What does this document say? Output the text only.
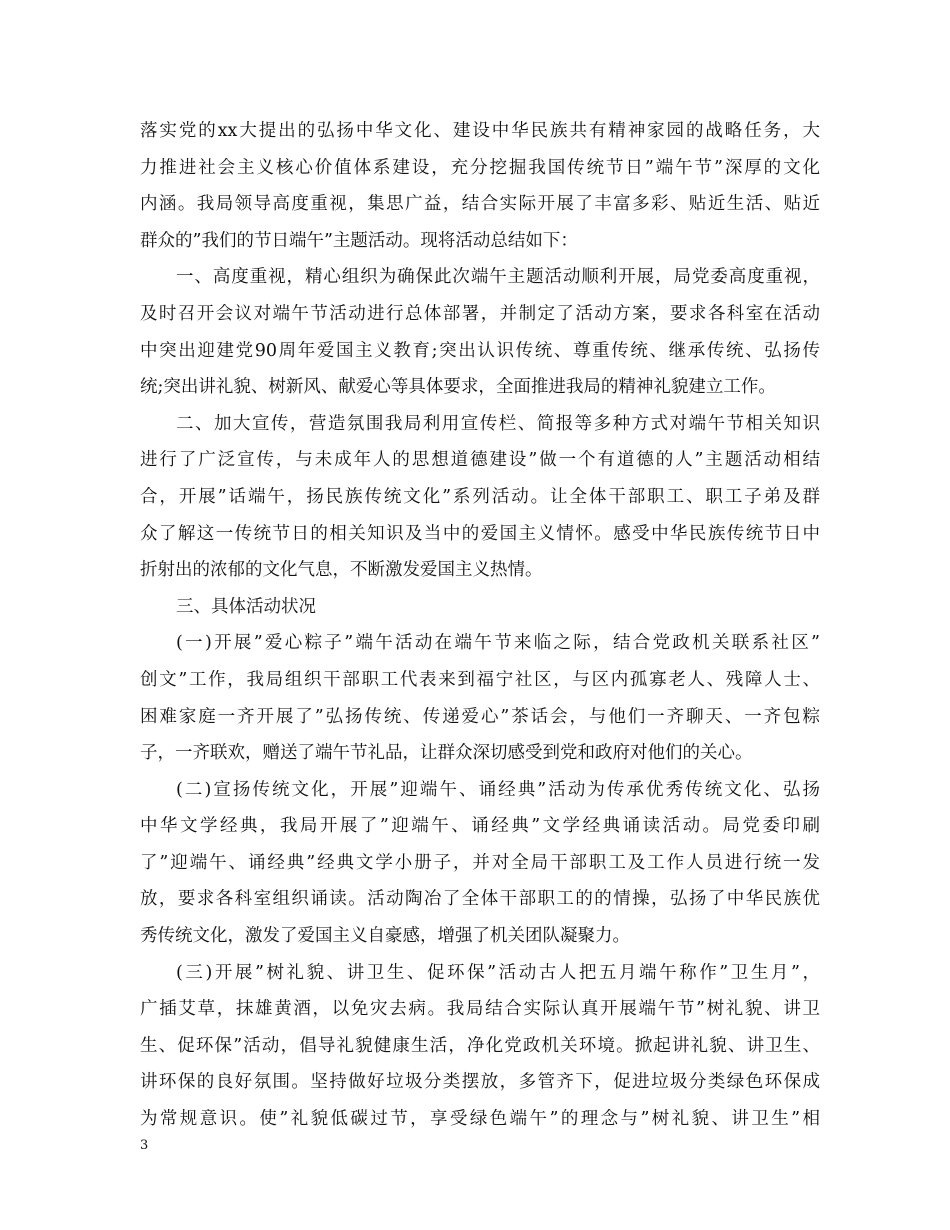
落实党的xx大提出的弘扬中华文化、建设中华民族共有精神家园的战略任务，大
力推进社会主义核心价值体系建设，充分挖掘我国传统节日”端午节”深厚的文化
内涵。我局领导高度重视，集思广益，结合实际开展了丰富多彩、贴近生活、贴近
群众的”我们的节日端午”主题活动。现将活动总结如下：
一、高度重视，精心组织为确保此次端午主题活动顺利开展，局党委高度重视，
及时召开会议对端午节活动进行总体部署，并制定了活动方案，要求各科室在活动
中突出迎建党90周年爱国主义教育;突出认识传统、尊重传统、继承传统、弘扬传
统;突出讲礼貌、树新风、献爱心等具体要求，全面推进我局的精神礼貌建立工作。
二、加大宣传，营造氛围我局利用宣传栏、简报等多种方式对端午节相关知识
进行了广泛宣传，与未成年人的思想道德建设”做一个有道德的人”主题活动相结
合，开展”话端午，扬民族传统文化”系列活动。让全体干部职工、职工子弟及群
众了解这一传统节日的相关知识及当中的爱国主义情怀。感受中华民族传统节日中
折射出的浓郁的文化气息，不断激发爱国主义热情。
三、具体活动状况
(一)开展”爱心粽子”端午活动在端午节来临之际，结合党政机关联系社区”
创文”工作，我局组织干部职工代表来到福宁社区，与区内孤寡老人、残障人士、
困难家庭一齐开展了”弘扬传统、传递爱心”茶话会，与他们一齐聊天、一齐包粽
子，一齐联欢，赠送了端午节礼品，让群众深切感受到党和政府对他们的关心。
(二)宣扬传统文化，开展”迎端午、诵经典”活动为传承优秀传统文化、弘扬
中华文学经典，我局开展了”迎端午、诵经典”文学经典诵读活动。局党委印刷
了”迎端午、诵经典”经典文学小册子，并对全局干部职工及工作人员进行统一发
放，要求各科室组织诵读。活动陶冶了全体干部职工的的情操，弘扬了中华民族优
秀传统文化，激发了爱国主义自豪感，增强了机关团队凝聚力。
(三)开展”树礼貌、讲卫生、促环保”活动古人把五月端午称作”卫生月”，
广插艾草，抹雄黄酒，以免灾去病。我局结合实际认真开展端午节”树礼貌、讲卫
生、促环保”活动，倡导礼貌健康生活，净化党政机关环境。掀起讲礼貌、讲卫生、
讲环保的良好氛围。坚持做好垃圾分类摆放，多管齐下，促进垃圾分类绿色环保成
为常规意识。使”礼貌低碳过节，享受绿色端午”的理念与”树礼貌、讲卫生”相
3
